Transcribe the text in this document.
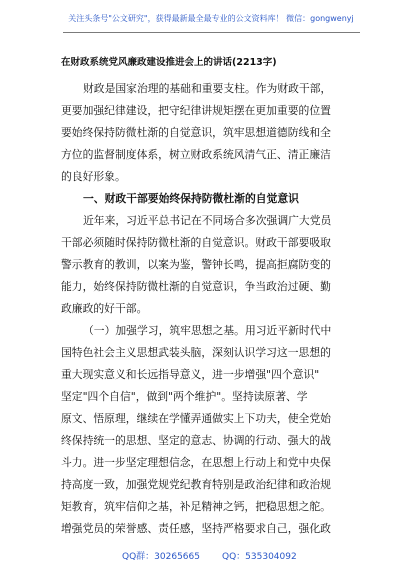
关注头条号"公文研究"，获得最新最全最专业的公文资料库！ 微信：gongwenyj
在财政系统党风廉政建设推进会上的讲话(2213字)
财政是国家治理的基础和重要支柱。作为财政干部，
更要加强纪律建设，把守纪律讲规矩摆在更加重要的位置
要始终保持防微杜渐的自觉意识，筑牢思想道德防线和全
方位的监督制度体系，树立财政系统风清气正、清正廉洁
的良好形象。
一、财政干部要始终保持防微杜渐的自觉意识
近年来，习近平总书记在不同场合多次强调广大党员
干部必须随时保持防微杜渐的自觉意识。财政干部要吸取
警示教育的教训，以案为鉴，警钟长鸣，提高拒腐防变的
能力，始终保持防微杜渐的自觉意识，争当政治过硬、勤
政廉政的好干部。
（一）加强学习，筑牢思想之基。用习近平新时代中
国特色社会主义思想武装头脑，深刻认识学习这一思想的
重大现实意义和长远指导意义，进一步增强"四个意识"
坚定"四个自信"，做到"两个维护"。坚持读原著、学
原文、悟原理，继续在学懂弄通做实上下功夫，使全党始
终保持统一的思想、坚定的意志、协调的行动、强大的战
斗力。进一步坚定理想信念，在思想上行动上和党中央保
持高度一致，加强党规党纪教育特别是政治纪律和政治规
矩教育，筑牢信仰之基，补足精神之钙，把稳思想之舵。
增强党员的荣誉感、责任感，坚持严格要求自己，强化政
QQ群：30265665 QQ：535304092
